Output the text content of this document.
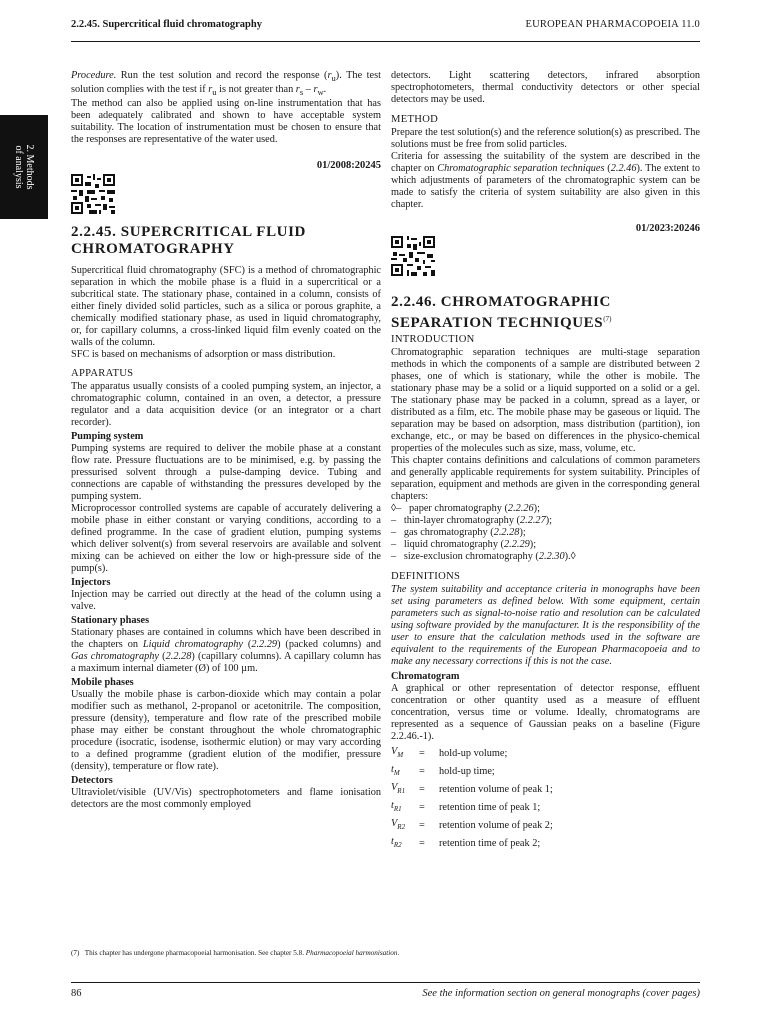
2.2.45. Supercritical fluid chromatography	EUROPEAN PHARMACOPOEIA 11.0
2. Methods
of analysis

Procedure. Run the test solution and record the response $(r_u)$. The test solution complies with the test if $r_u$ is not greater than $r_s - r_w$.

The method can also be applied using on-line instrumentation that has been adequately calibrated and shown to have acceptable system suitability. The location of instrumentation must be chosen to ensure that the responses are representative of the water used.

01/2008:20245
2.2.45. SUPERCRITICAL FLUID CHROMATOGRAPHY

Supercritical fluid chromatography (SFC) is a method of chromatographic separation in which the mobile phase is a fluid in a supercritical or a subcritical state. The stationary phase, contained in a column, consists of either finely divided solid particles, such as a silica or porous graphite, a chemically modified stationary phase, as used in liquid chromatography, or, for capillary columns, a cross-linked liquid film evenly coated on the walls of the column.

SFC is based on mechanisms of adsorption or mass distribution.

APPARATUS

The apparatus usually consists of a cooled pumping system, an injector, a chromatographic column, contained in an oven, a detector, a pressure regulator and a data acquisition device (or an integrator or a chart recorder).

Pumping system

Pumping systems are required to deliver the mobile phase at a constant flow rate. Pressure fluctuations are to be minimised, e.g. by passing the pressurised solvent through a pulse-damping device. Tubing and connections are capable of withstanding the pressures developed by the pumping system.

Microprocessor controlled systems are capable of accurately delivering a mobile phase in either constant or varying conditions, according to a defined programme. In the case of gradient elution, pumping systems which deliver solvent(s) from several reservoirs are available and solvent mixing can be achieved on either the low or high-pressure side of the pump(s).

Injectors

Injection may be carried out directly at the head of the column using a valve.

Stationary phases

Stationary phases are contained in columns which have been described in the chapters on Liquid chromatography (2.2.29) (packed columns) and Gas chromatography (2.2.28) (capillary columns). A capillary column has a maximum internal diameter (Ø) of 100 µm.

Mobile phases

Usually the mobile phase is carbon-dioxide which may contain a polar modifier such as methanol, 2-propanol or acetonitrile. The composition, pressure (density), temperature and flow rate of the prescribed mobile phase may either be constant throughout the whole chromatographic procedure (isocratic, isodense, isothermic elution) or may vary according to a defined programme (gradient elution of the modifier, pressure (density), temperature or flow rate).

Detectors

Ultraviolet/visible (UV/Vis) spectrophotometers and flame ionisation detectors are the most commonly employed

detectors. Light scattering detectors, infrared absorption spectrophotometers, thermal conductivity detectors or other special detectors may be used.

METHOD

Prepare the test solution(s) and the reference solution(s) as prescribed. The solutions must be free from solid particles.

Criteria for assessing the suitability of the system are described in the chapter on Chromatographic separation techniques (2.2.46). The extent to which adjustments of parameters of the chromatographic system can be made to satisfy the criteria of system suitability are also given in this chapter.

01/2023:20246
2.2.46. CHROMATOGRAPHIC SEPARATION TECHNIQUES$^{(7)}$
INTRODUCTION

Chromatographic separation techniques are multi-stage separation methods in which the components of a sample are distributed between 2 phases, one of which is stationary, while the other is mobile. The stationary phase may be a solid or a liquid supported on a solid or a gel. The stationary phase may be packed in a column, spread as a layer, or distributed as a film, etc. The mobile phase may be gaseous or liquid. The separation may be based on adsorption, mass distribution (partition), ion exchange, etc., or may be based on differences in the physico-chemical properties of the molecules such as size, mass, volume, etc.

This chapter contains definitions and calculations of common parameters and generally applicable requirements for system suitability. Principles of separation, equipment and methods are given in the corresponding general chapters:

◊– paper chromatography (2.2.26);

– thin-layer chromatography (2.2.27);

– gas chromatography (2.2.28);

– liquid chromatography (2.2.29);

– size-exclusion chromatography (2.2.30).◊

DEFINITIONS

The system suitability and acceptance criteria in monographs have been set using parameters as defined below. With some equipment, certain parameters such as signal-to-noise ratio and resolution can be calculated using software provided by the manufacturer. It is the responsibility of the user to ensure that the calculation methods used in the software are equivalent to the requirements of the European Pharmacopoeia and to make any necessary corrections if this is not the case.

Chromatogram

A graphical or other representation of detector response, effluent concentration or other quantity used as a measure of effluent concentration, versus time or volume. Ideally, chromatograms are represented as a sequence of Gaussian peaks on a baseline (Figure 2.2.46.-1).

$V_M$	=	hold-up volume;
$t_M$	=	hold-up time;
$V_{R1}$	=	retention volume of peak 1;
$t_{R1}$	=	retention time of peak 1;
$V_{R2}$	=	retention volume of peak 2;
$t_{R2}$	=	retention time of peak 2;
(7) This chapter has undergone pharmacopoeial harmonisation. See chapter 5.8. Pharmacopoeial harmonisation.
86	See the information section on general monographs (cover pages)
